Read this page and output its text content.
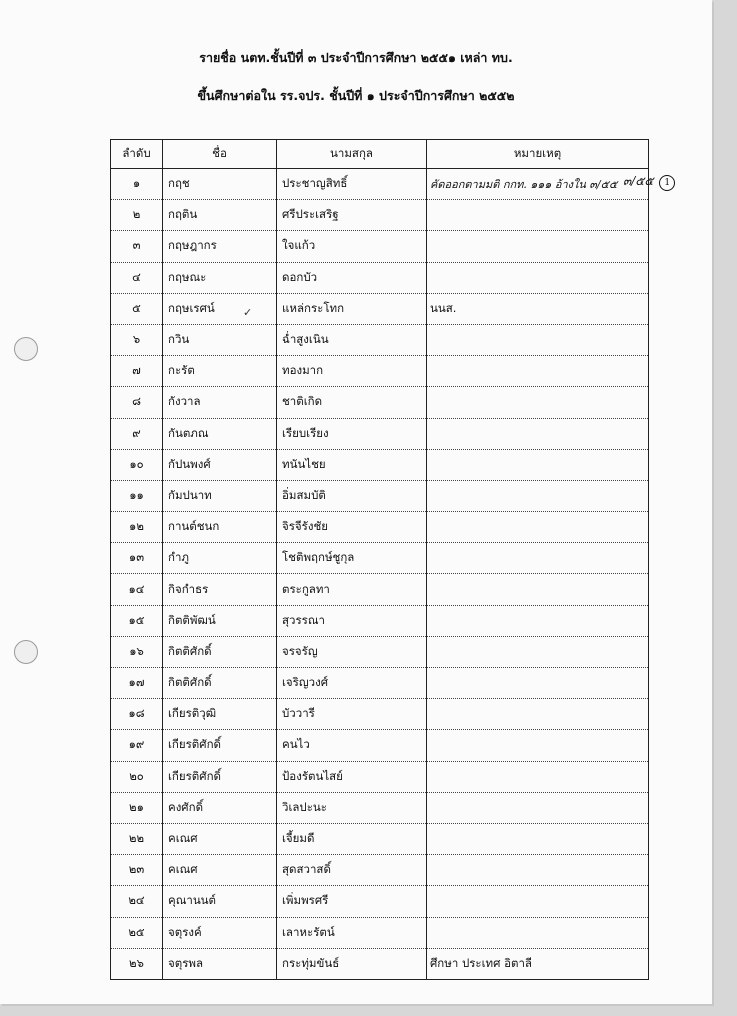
รายชื่อ นตท.ชั้นปีที่ ๓ ประจำปีการศึกษา ๒๕๕๑ เหล่า ทบ.
ขึ้นศึกษาต่อใน รร.จปร. ชั้นปีที่ ๑ ประจำปีการศึกษา ๒๕๕๒
ลำดับ	ชื่อ	นามสกุล	หมายเหตุ
๑	กฤช	ประชาญสิทธิ์	คัดออกตามมติ กกท. ๑๑๑ อ้างใน ๓/๕๕
๒	กฤติน	ศรีประเสริฐ	
๓	กฤษฎากร	ใจแก้ว	
๔	กฤษณะ	ดอกบัว	
๕	กฤษเรศน์	แหล่กระโทก	นนส.
๖	กวิน	ฉ่ำสูงเนิน	
๗	กะรัต	ทองมาก	
๘	กังวาล	ชาติเกิด	
๙	กันตภณ	เรียบเรียง	
๑๐	กัปนพงศ์	ทนันไชย	
๑๑	กัมปนาท	อิ่มสมบัติ	
๑๒	กานต์ชนก	จิรจีรังชัย	
๑๓	กำภู	โชติพฤกษ์ชูกุล	
๑๔	กิจกำธร	ตระกูลทา	
๑๕	กิตติพัฒน์	สุวรรณา	
๑๖	กิตติศักดิ์	จรจรัญ	
๑๗	กิตติศักดิ์	เจริญวงศ์	
๑๘	เกียรติวุฒิ	บัววารี	
๑๙	เกียรติศักดิ์	คนไว	
๒๐	เกียรติศักดิ์	ป้องรัตนไสย์	
๒๑	คงศักดิ์	วิเลปะนะ	
๒๒	คเณศ	เจี้ยมดี	
๒๓	คเณศ	สุดสวาสดิ์	
๒๔	คุณานนต์	เพิ่มพรศรี	
๒๕	จตุรงค์	เลาหะรัตน์	
๒๖	จตุรพล	กระทุ่มขันธ์	ศึกษา ประเทศ อิตาลี
๓/๕๕ 1
✓
